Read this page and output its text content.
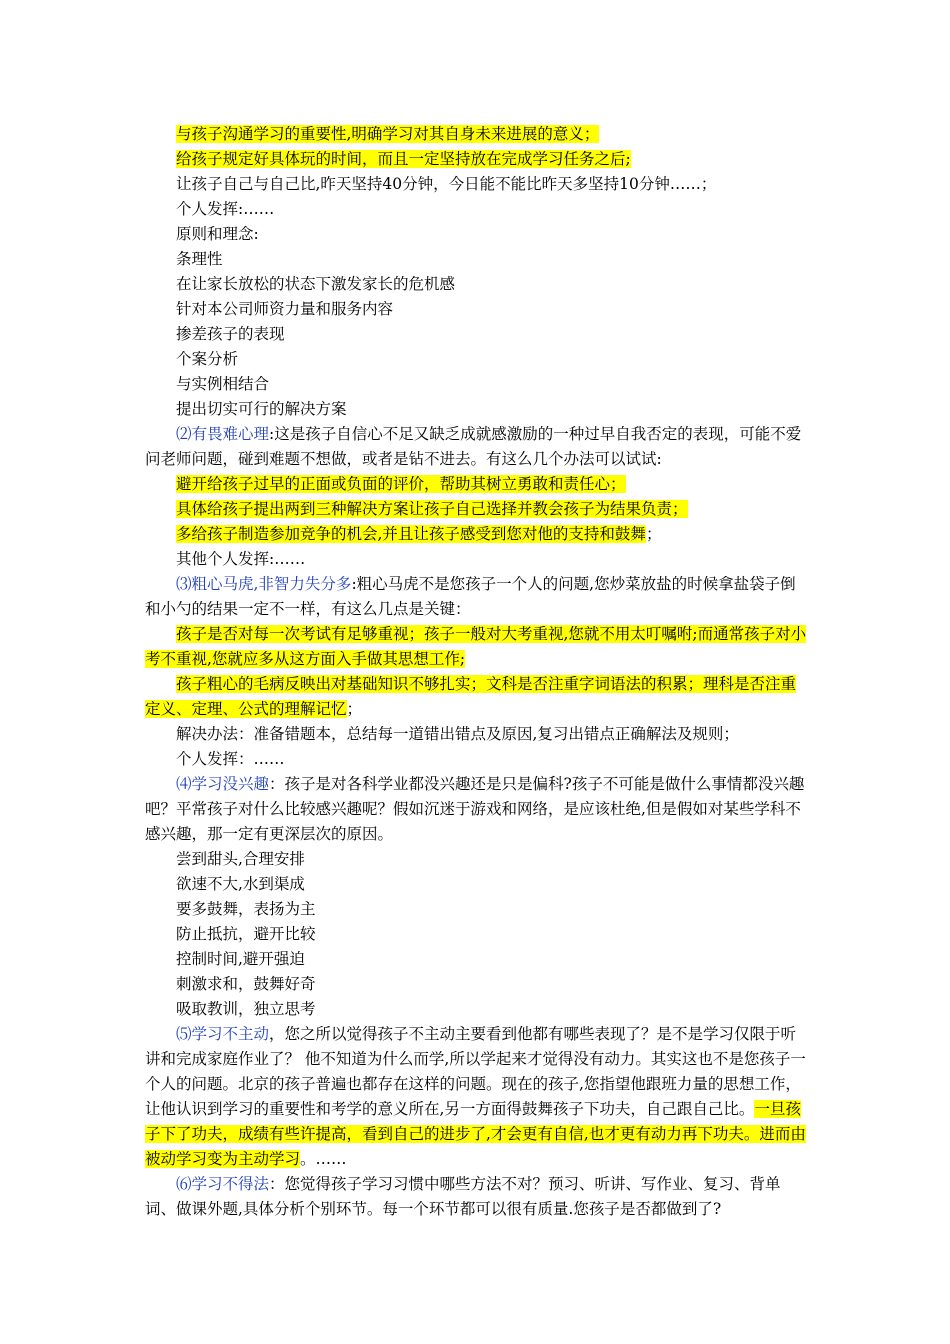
与孩子沟通学习的重要性,明确学习对其自身未来进展的意义；

给孩子规定好具体玩的时间，而且一定坚持放在完成学习任务之后;

让孩子自己与自己比,昨天坚持40分钟，今日能不能比昨天多坚持10分钟……；

个人发挥:……

原则和理念:

条理性

在让家长放松的状态下激发家长的危机感

针对本公司师资力量和服务内容

掺差孩子的表现

个案分析

与实例相结合

提出切实可行的解决方案

⑵有畏难心理:这是孩子自信心不足又缺乏成就感激励的一种过早自我否定的表现，可能不爱问老师问题，碰到难题不想做，或者是钻不进去。有这么几个办法可以试试:

避开给孩子过早的正面或负面的评价，帮助其树立勇敢和责任心；

具体给孩子提出两到三种解决方案让孩子自己选择并教会孩子为结果负责；

多给孩子制造参加竞争的机会,并且让孩子感受到您对他的支持和鼓舞；

其他个人发挥:……

⑶粗心马虎,非智力失分多:粗心马虎不是您孩子一个人的问题,您炒菜放盐的时候拿盐袋子倒和小勺的结果一定不一样，有这么几点是关键：

孩子是否对每一次考试有足够重视；孩子一般对大考重视,您就不用太叮嘱咐;而通常孩子对小考不重视,您就应多从这方面入手做其思想工作;

孩子粗心的毛病反映出对基础知识不够扎实；文科是否注重字词语法的积累；理科是否注重定义、定理、公式的理解记忆；

解决办法：准备错题本，总结每一道错出错点及原因,复习出错点正确解法及规则；

个人发挥：……

⑷学习没兴趣：孩子是对各科学业都没兴趣还是只是偏科?孩子不可能是做什么事情都没兴趣吧？平常孩子对什么比较感兴趣呢？假如沉迷于游戏和网络，是应该杜绝,但是假如对某些学科不感兴趣，那一定有更深层次的原因。

尝到甜头,合理安排

欲速不大,水到渠成

要多鼓舞，表扬为主

防止抵抗，避开比较

控制时间,避开强迫

刺激求和，鼓舞好奇

吸取教训，独立思考

⑸学习不主动，您之所以觉得孩子不主动主要看到他都有哪些表现了？是不是学习仅限于听讲和完成家庭作业了？ 他不知道为什么而学,所以学起来才觉得没有动力。其实这也不是您孩子一个人的问题。北京的孩子普遍也都存在这样的问题。现在的孩子,您指望他跟班力量的思想工作，让他认识到学习的重要性和考学的意义所在,另一方面得鼓舞孩子下功夫，自己跟自己比。一旦孩子下了功夫，成绩有些许提高，看到自己的进步了,才会更有自信,也才更有动力再下功夫。进而由被动学习变为主动学习。……

⑹学习不得法：您觉得孩子学习习惯中哪些方法不对？预习、听讲、写作业、复习、背单词、做课外题,具体分析个别环节。每一个环节都可以很有质量.您孩子是否都做到了?
